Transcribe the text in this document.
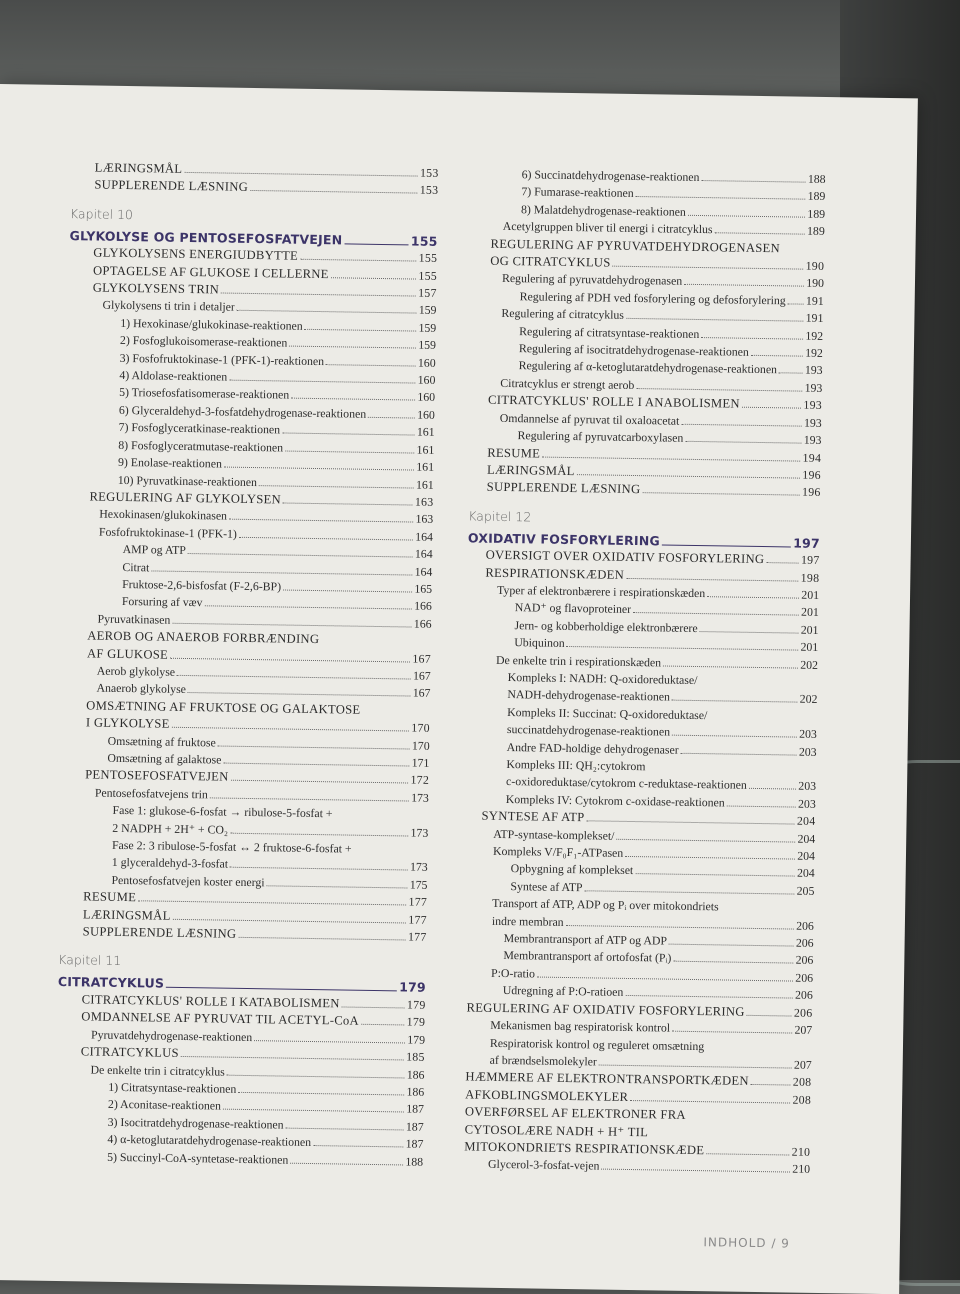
LÆRINGSMÅL	153
SUPPLERENDE LÆSNING	153
Kapitel 10
GLYKOLYSE OG PENTOSEFOSFATVEJEN	155
GLYKOLYSENS ENERGIUDBYTTE	155
OPTAGELSE AF GLUKOSE I CELLERNE	155
GLYKOLYSENS TRIN	157
Glykolysens ti trin i detaljer	159
1) Hexokinase/glukokinase-reaktionen	159
2) Fosfoglukoisomerase-reaktionen	159
3) Fosfofruktokinase-1 (PFK-1)-reaktionen	160
4) Aldolase-reaktionen	160
5) Triosefosfatisomerase-reaktionen	160
6) Glyceraldehyd-3-fosfatdehydrogenase-reaktionen	160
7) Fosfoglyceratkinase-reaktionen	161
8) Fosfoglyceratmutase-reaktionen	161
9) Enolase-reaktionen	161
10) Pyruvatkinase-reaktionen	161
REGULERING AF GLYKOLYSEN	163
Hexokinasen/glukokinasen	163
Fosfofruktokinase-1 (PFK-1)	164
AMP og ATP	164
Citrat	164
Fruktose-2,6-bisfosfat (F-2,6-BP)	165
Forsuring af væv	166
Pyruvatkinasen	166
AEROB OG ANAEROB FORBRÆNDING
AF GLUKOSE	167
Aerob glykolyse	167
Anaerob glykolyse	167
OMSÆTNING AF FRUKTOSE OG GALAKTOSE
I GLYKOLYSE	170
Omsætning af fruktose	170
Omsætning af galaktose	171
PENTOSEFOSFATVEJEN	172
Pentosefosfatvejens trin	173
Fase 1: glukose-6-fosfat → ribulose-5-fosfat +
2 NADPH + 2H⁺ + CO₂	173
Fase 2: 3 ribulose-5-fosfat ↔ 2 fruktose-6-fosfat +
1 glyceraldehyd-3-fosfat	173
Pentosefosfatvejen koster energi	175
RESUME	177
LÆRINGSMÅL	177
SUPPLERENDE LÆSNING	177
Kapitel 11
CITRATCYKLUS	179
CITRATCYKLUS' ROLLE I KATABOLISMEN	179
OMDANNELSE AF PYRUVAT TIL ACETYL-CoA	179
Pyruvatdehydrogenase-reaktionen	179
CITRATCYKLUS	185
De enkelte trin i citratcyklus	186
1) Citratsyntase-reaktionen	186
2) Aconitase-reaktionen	187
3) Isocitratdehydrogenase-reaktionen	187
4) α-ketoglutaratdehydrogenase-reaktionen	187
5) Succinyl-CoA-syntetase-reaktionen	188
6) Succinatdehydrogenase-reaktionen	188
7) Fumarase-reaktionen	189
8) Malatdehydrogenase-reaktionen	189
Acetylgruppen bliver til energi i citratcyklus	189
REGULERING AF PYRUVATDEHYDROGENASEN
OG CITRATCYKLUS	190
Regulering af pyruvatdehydrogenasen	190
Regulering af PDH ved fosforylering og defosforylering 191
Regulering af citratcyklus	191
Regulering af citratsyntase-reaktionen	192
Regulering af isocitratdehydrogenase-reaktionen	192
Regulering af α-ketoglutaratdehydrogenase-reaktionen 193
Citratcyklus er strengt aerob	193
CITRATCYKLUS' ROLLE I ANABOLISMEN	193
Omdannelse af pyruvat til oxaloacetat	193
Regulering af pyruvatcarboxylasen	193
RESUME	194
LÆRINGSMÅL	196
SUPPLERENDE LÆSNING	196
Kapitel 12
OXIDATIV FOSFORYLERING	197
OVERSIGT OVER OXIDATIV FOSFORYLERING	197
RESPIRATIONSKÆDEN	198
Typer af elektronbærere i respirationskæden	201
NAD⁺ og flavoproteiner	201
Jern- og kobberholdige elektronbærere	201
Ubiquinon	201
De enkelte trin i respirationskæden	202
Kompleks I: NADH: Q-oxidoreduktase/
NADH-dehydrogenase-reaktionen	202
Kompleks II: Succinat: Q-oxidoreduktase/
succinatdehydrogenase-reaktionen	203
Andre FAD-holdige dehydrogenaser	203
Kompleks III: QH₂:cytokrom
c-oxidoreduktase/cytokrom c-reduktase-reaktionen	203
Kompleks IV: Cytokrom c-oxidase-reaktionen	203
SYNTESE AF ATP	204
ATP-syntase-komplekset/	204
Kompleks V/F₀F₁-ATPasen	204
Opbygning af komplekset	204
Syntese af ATP	205
Transport af ATP, ADP og Pᵢ over mitokondriets
indre membran	206
Membrantransport af ATP og ADP	206
Membrantransport af ortofosfat (Pᵢ)	206
P:O-ratio	206
Udregning af P:O-ratioen	206
REGULERING AF OXIDATIV FOSFORYLERING	206
Mekanismen bag respiratorisk kontrol	207
Respiratorisk kontrol og reguleret omsætning
af brændselsmolekyler	207
HÆMMERE AF ELEKTRONTRANSPORTKÆDEN	208
AFKOBLINGSMOLEKYLER	208
OVERFØRSEL AF ELEKTRONER FRA
CYTOSOLÆRE NADH + H⁺ TIL
MITOKONDRIETS RESPIRATIONSKÆDE	210
Glycerol-3-fosfat-vejen	210
INDHOLD / 9
